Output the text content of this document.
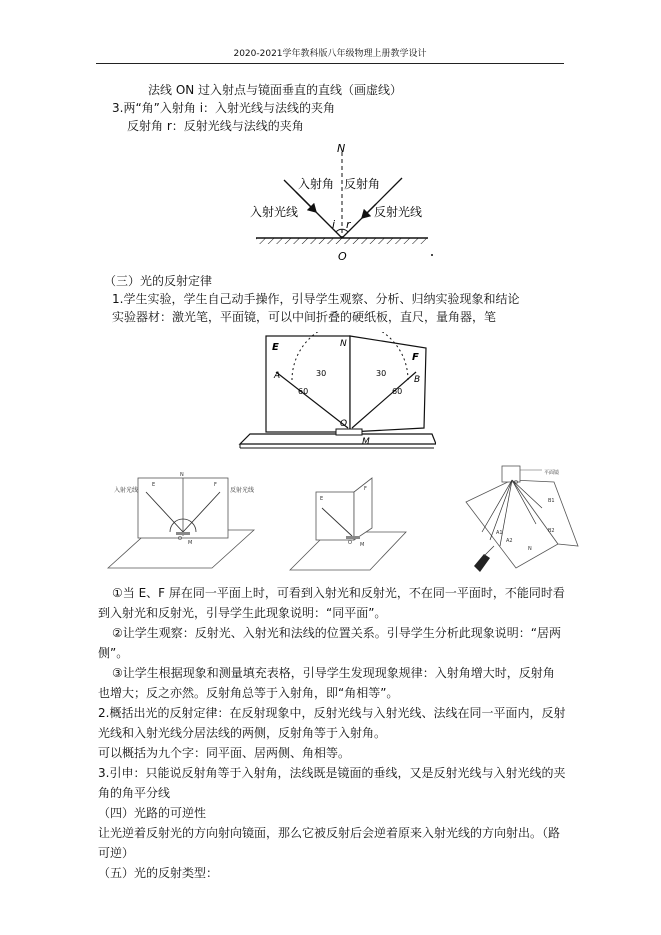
2020-2021学年教科版八年级物理上册教学设计
法线 ON 过入射点与镜面垂直的直线（画虚线）
3.两“角”入射角 i：入射光线与法线的夹角
反射角 r：反射光线与法线的夹角
N
i r
O
入射角 反射角
入射光线	反射光线
（三）光的反射定律
1.学生实验，学生自己动手操作，引导学生观察、分析、归纳实验现象和结论
实验器材：激光笔，平面镜，可以中间折叠的硬纸板，直尺，量角器，笔
E
F
N
A
O
M
B
60
30
60
30
入射光线	反射光线
E
N
F
M
O
E
F
M
O
平面镜
O
B1
B2
A1
A2
N
①当 E、F 屏在同一平面上时，可看到入射光和反射光，不在同一平面时，不能同时看到入射光和反射光，引导学生此现象说明：“同平面”。
②让学生观察：反射光、入射光和法线的位置关系。引导学生分析此现象说明：“居两侧”。
③让学生根据现象和测量填充表格，引导学生发现现象规律：入射角增大时，反射角也增大；反之亦然。反射角总等于入射角，即“角相等”。
2.概括出光的反射定律：在反射现象中，反射光线与入射光线、法线在同一平面内，反射光线和入射光线分居法线的两侧，反射角等于入射角。
可以概括为九个字：同平面、居两侧、角相等。
3.引申：只能说反射角等于入射角，法线既是镜面的垂线，又是反射光线与入射光线的夹角的角平分线
（四）光路的可逆性
让光逆着反射光的方向射向镜面，那么它被反射后会逆着原来入射光线的方向射出。（路可逆）
（五）光的反射类型：
